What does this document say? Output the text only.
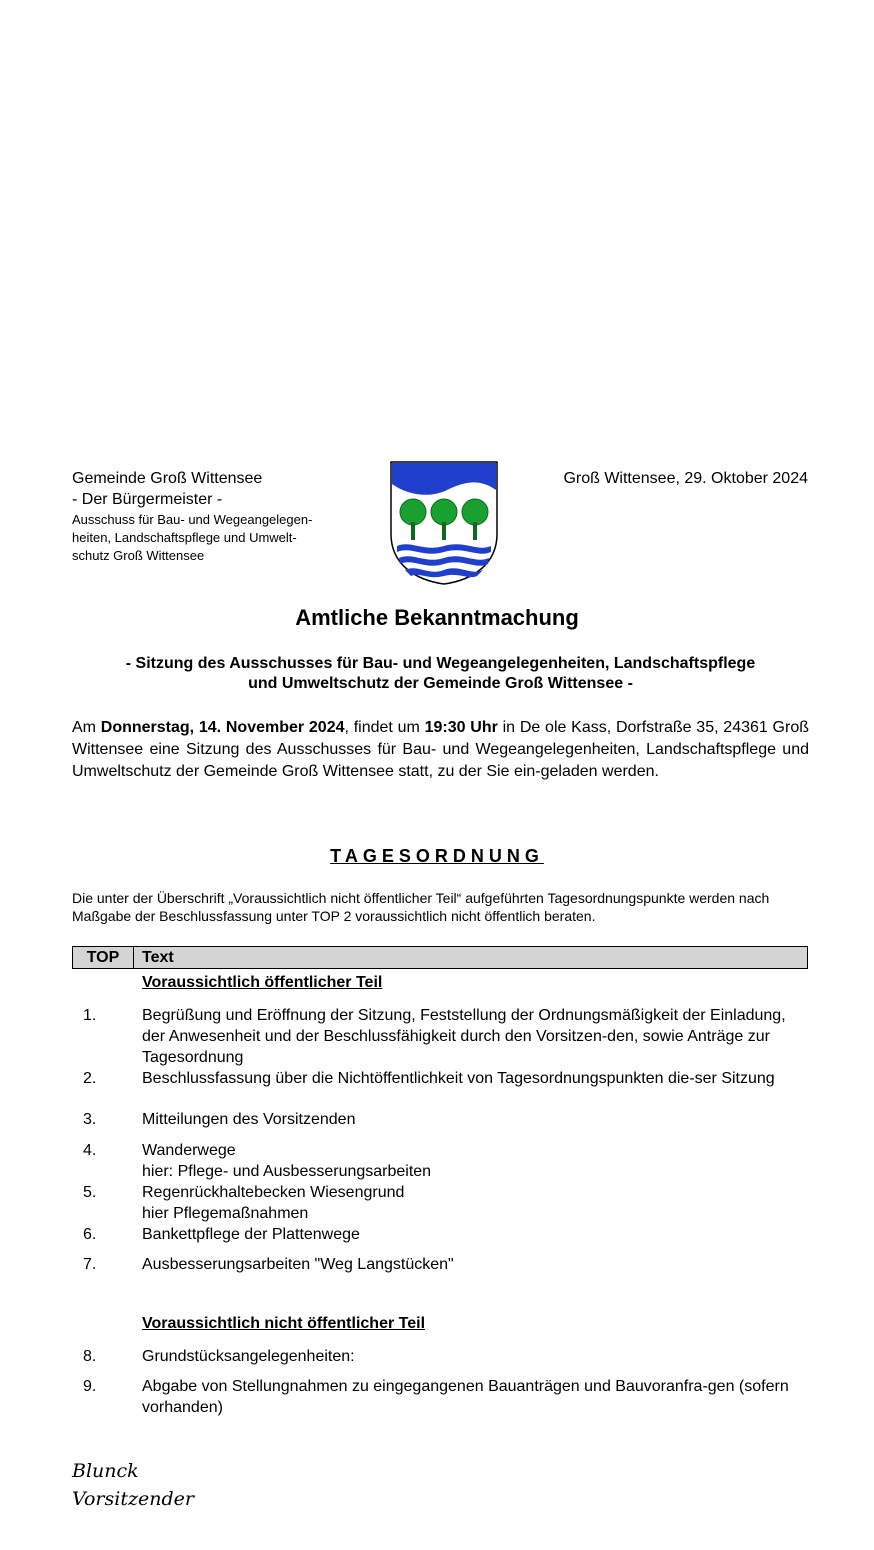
Gemeinde Groß Wittensee
- Der Bürgermeister -
Ausschuss für Bau- und Wegeangelegen-
heiten, Landschaftspflege und Umwelt-
schutz Groß Wittensee
Groß Wittensee, 29. Oktober 2024
Amtliche Bekanntmachung
- Sitzung des Ausschusses für Bau- und Wegeangelegenheiten, Landschaftspflege
und Umweltschutz der Gemeinde Groß Wittensee -
Am Donnerstag, 14. November 2024, findet um 19:30 Uhr in De ole Kass, Dorfstraße 35, 24361 Groß Wittensee eine Sitzung des Ausschusses für Bau- und Wegeangelegenheiten, Landschaftspflege und Umweltschutz der Gemeinde Groß Wittensee statt, zu der Sie ein-geladen werden.
TAGESORDNUNG
Die unter der Überschrift „Voraussichtlich nicht öffentlicher Teil“ aufgeführten Tagesordnungspunkte werden nach Maßgabe der Beschlussfassung unter TOP 2 voraussichtlich nicht öffentlich beraten.
TOP	Text
Voraussichtlich öffentlicher Teil
1.	Begrüßung und Eröffnung der Sitzung, Feststellung der Ordnungsmäßigkeit der Einladung, der Anwesenheit und der Beschlussfähigkeit durch den Vorsitzen-den, sowie Anträge zur Tagesordnung
2.	Beschlussfassung über die Nichtöffentlichkeit von Tagesordnungspunkten die-ser Sitzung
3.	Mitteilungen des Vorsitzenden
4.	Wanderwege
hier: Pflege- und Ausbesserungsarbeiten
5.	Regenrückhaltebecken Wiesengrund
hier Pflegemaßnahmen
6.	Bankettpflege der Plattenwege
7.	Ausbesserungsarbeiten "Weg Langstücken"
Voraussichtlich nicht öffentlicher Teil
8.	Grundstücksangelegenheiten:
9.	Abgabe von Stellungnahmen zu eingegangenen Bauanträgen und Bauvoranfra-gen (sofern vorhanden)
Blunck
Vorsitzender
